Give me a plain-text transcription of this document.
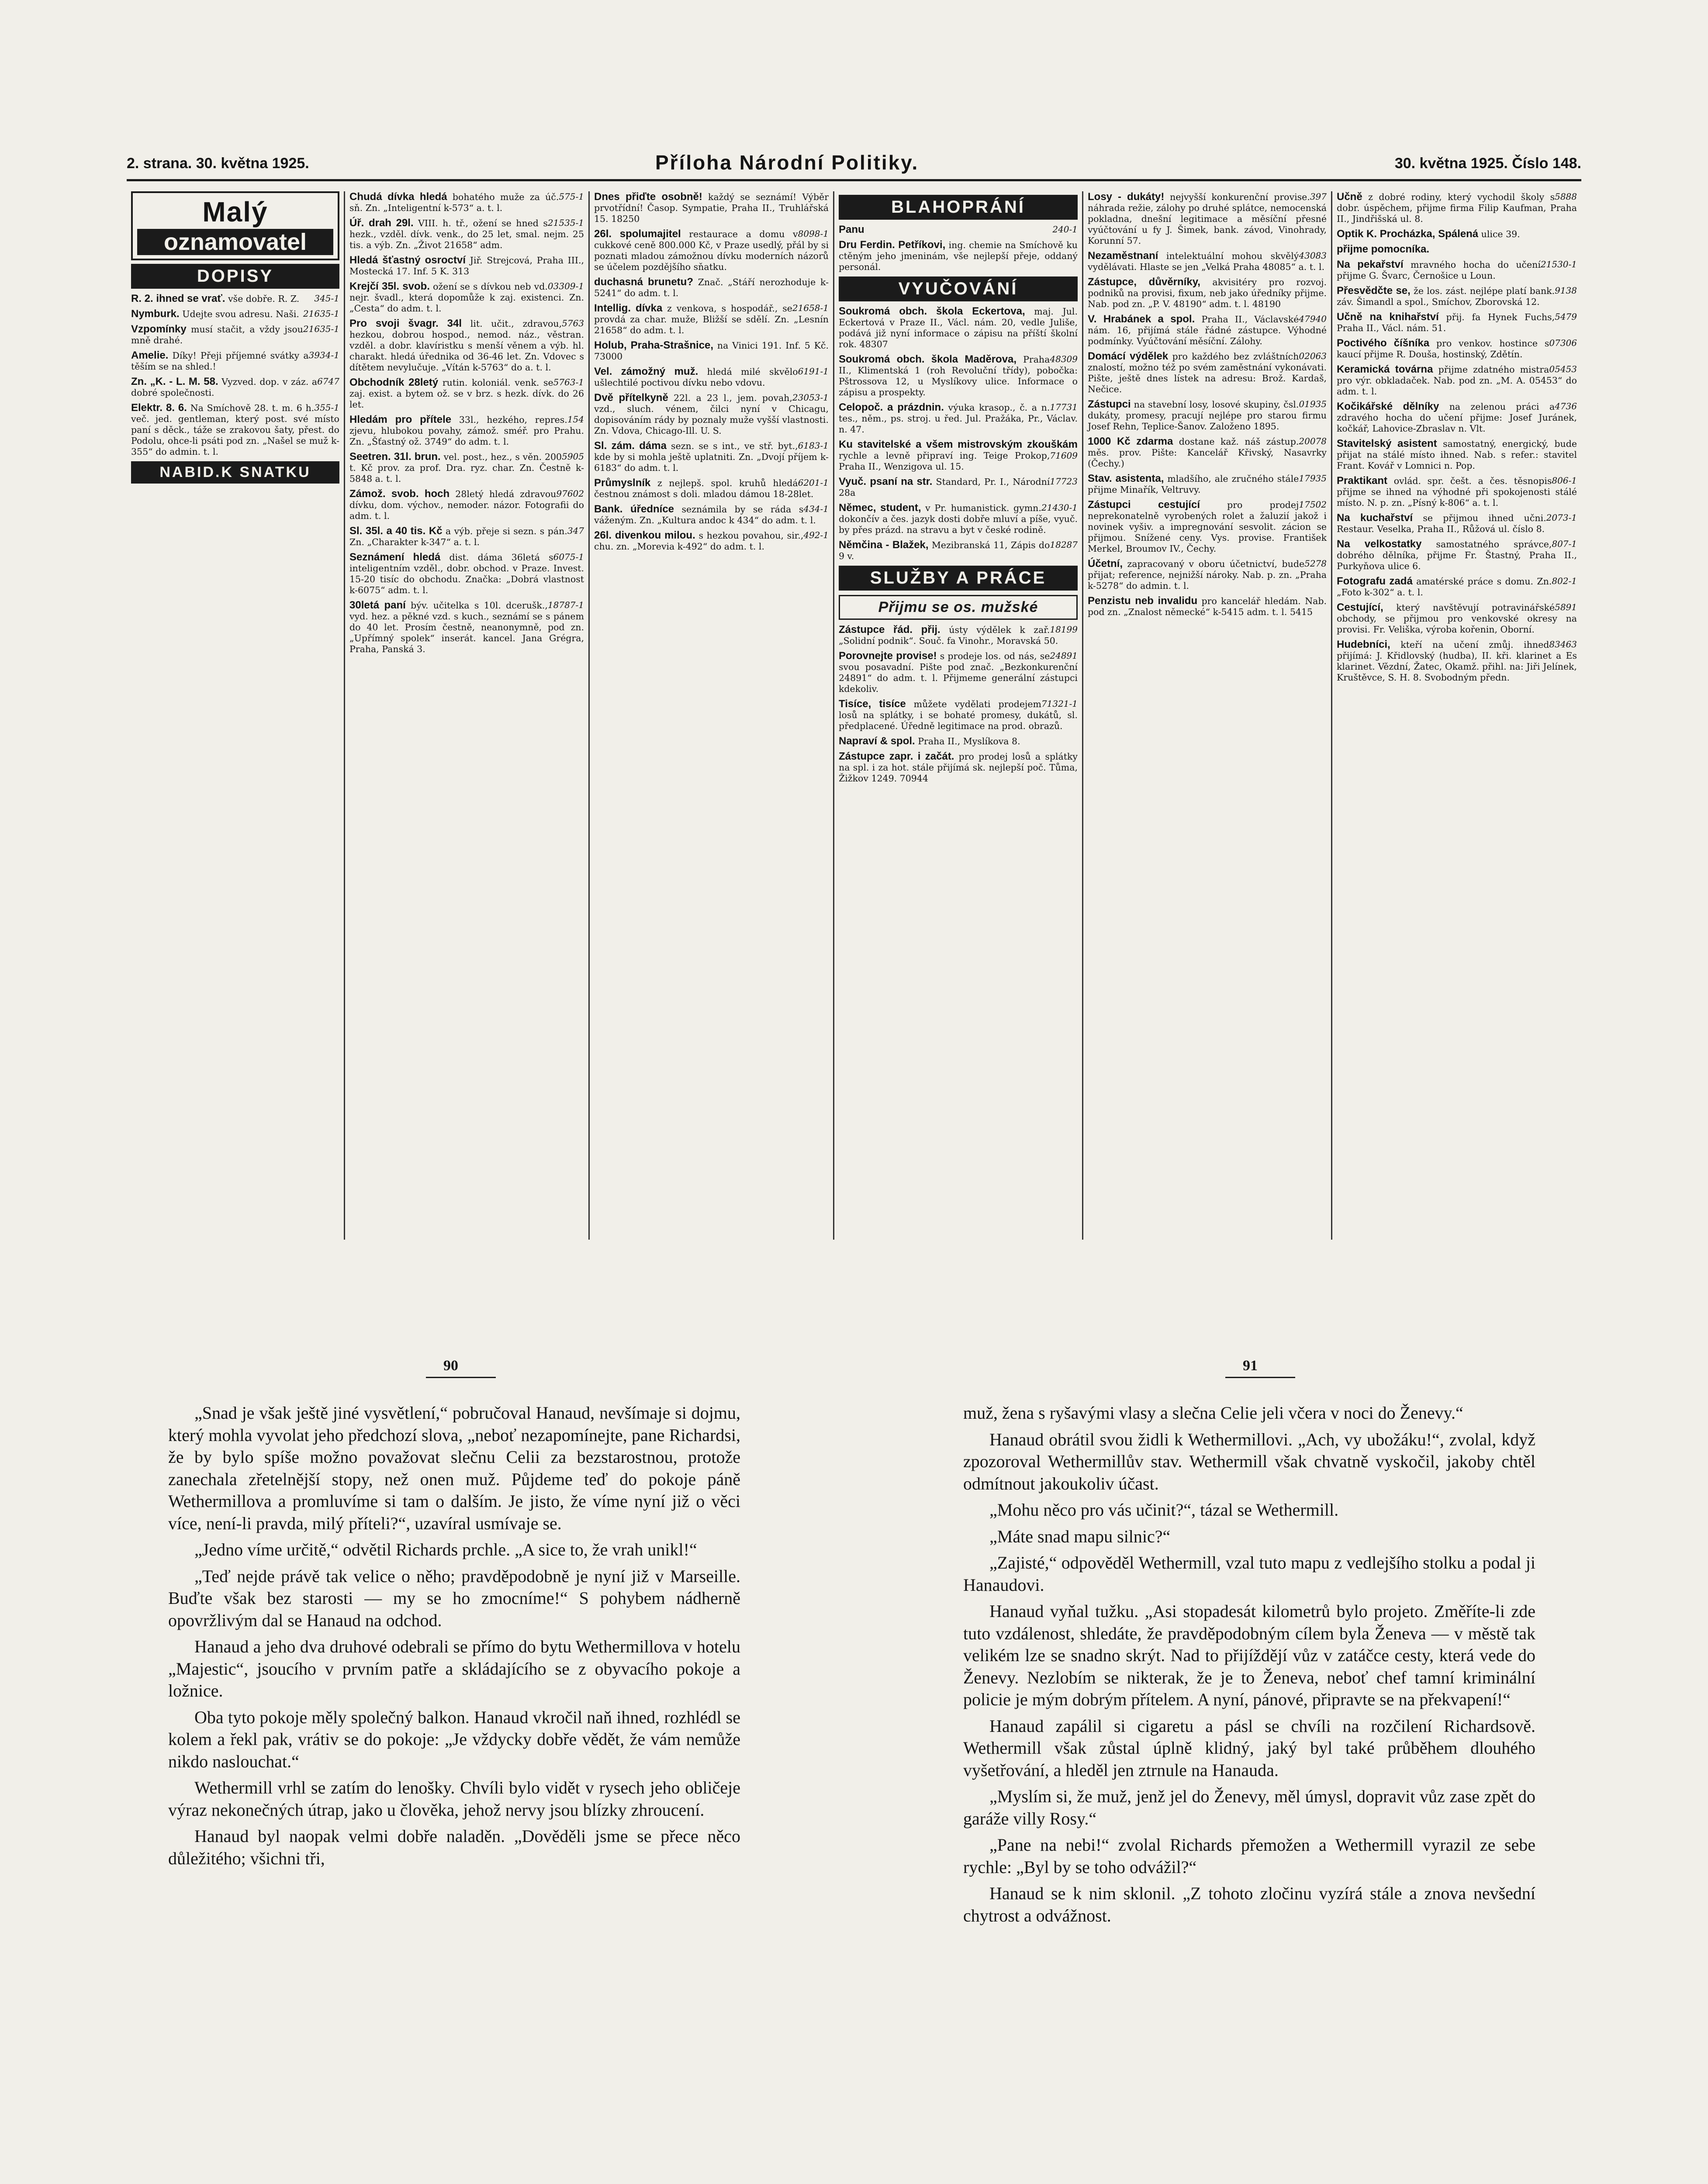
2. strana. 30. května 1925.	Příloha Národní Politiky.	30. května 1925. Číslo 148.
Malý
oznamovatel
DOPISY

R. 2. ihned se vrať.	345-1
vše dobře. R. Z.

Nymburk.	21635-1
Udejte svou adresu. Naši.

Vzpomínky	21635-1
musí stačit, a vždy jsou mně drahé.

Amelie.	3934-1
Díky! Přeji příjemné svátky a těším se na shled.!

Zn. „K. - L. M. 58.	6747
Vyzved. dop. v záz. a dobré společnosti.

Elektr. 8. 6.	355-1
Na Smíchově 28. t. m. 6 h. več. jed. gentleman, který post. své místo paní s děck., táže se zrakovou šaty, přest. do Podolu, ohce-li psáti pod zn. „Našel se muž k-355“ do admin. t. l.

NABID.K SNATKU

Chudá dívka hledá	575-1
bohatého muže za úč. sň. Zn. „Inteligentní k-573“ a. t. l.

Úř. drah 29l.	21535-1
VIII. h. tř., ožení se hned s hezk., vzděl. dívk. venk., do 25 let, smal. nejm. 25 tis. a výb. Zn. „Život 21658“ adm.

Hledá šťastný osroctví Jiř. Strejcová, Praha III., Mostecká 17. Inf. 5 K. 313

Krejčí 35l. svob.	03309-1
ožení se s dívkou neb vd. nejr. švadl., která dopomůže k zaj. existenci. Zn. „Cesta“ do adm. t. l.

Pro svoji švagr. 34l	5763
lit. učit., zdravou, hezkou, dobrou hospod., nemod. náz., věstran. vzděl. a dobr. klavíristku s menší věnem a výb. hl. charakt. hledá úřednika od 36-46 let. Zn. Vdovec s dítětem nevylučuje. „Vítán k-5763“ do a. t. l.

Obchodník 28letý	5763-1
rutin. koloniál. venk. se zaj. exist. a bytem ož. se v brz. s hezk. dívk. do 26 let.

Hledám pro přítele	154
33l., hezkého, repres. zjevu, hlubokou povahy, zámož. sméř. pro Prahu. Zn. „Šťastný ož. 3749“ do adm. t. l.

Seetren. 31l. brun.	5905
vel. post., hez., s věn. 200 t. Kč prov. za prof. Dra. ryz. char. Zn. Čestně k-5848 a. t. l.

Zámož. svob. hoch	97602
28letý hledá zdravou dívku, dom. výchov., nemoder. názor. Fotografii do adm. t. l.

Sl. 35l. a 40 tis. Kč	347
a výb. přeje si sezn. s pán. Zn. „Charakter k-347“ a. t. l.

Seznámení hledá	6075-1
dist. dáma 36letá s inteligentním vzděl., dobr. obchod. v Praze. Invest. 15-20 tisíc do obchodu. Značka: „Dobrá vlastnost k-6075“ adm. t. l.

30letá paní	18787-1
býv. učitelka s 10l. dcerušk., vyd. hez. a pěkné vzd. s kuch., seznámí se s pánem do 40 let. Prosím čestně, neanonymně, pod zn. „Upřímný spolek“ inserát. kancel. Jana Grégra, Praha, Panská 3.

Dnes přiďte osobně! každý se seznámí! Výběr prvotřídní! Časop. Sympatie, Praha II., Truhlářská 15. 18250

26l. spolumajitel	8098-1
restaurace a domu v cukkové ceně 800.000 Kč, v Praze usedlý, přál by si poznati mladou zámožnou dívku moderních názorů se účelem pozdějšího sňatku.

duchasná brunetu? Znač. „Stáří nerozhoduje k-5241“ do adm. t. l.

Intellig. dívka	21658-1
z venkova, s hospodář., se provdá za char. muže, Bližší se sdělí. Zn. „Lesnín 21658“ do adm. t. l.

Holub, Praha-Strašnice, na Vinici 191. Inf. 5 Kč. 73000

Vel. zámožný muž.	6191-1
hledá milé skvělo ušlechtilé poctivou dívku nebo vdovu.

Dvě přítelkyně	23053-1
22l. a 23 l., jem. povah, vzd., sluch. vénem, čilci nyní v Chicagu, dopisováním rády by poznaly muže vyšší vlastnosti. Zn. Vdova, Chicago-Ill. U. S.

Sl. zám. dáma	6183-1
sezn. se s int., ve stř. byt., kde by si mohla ještě uplatniti. Zn. „Dvojí příjem k-6183“ do adm. t. l.

Průmyslník	6201-1
z nejlepš. spol. kruhů hledá čestnou známost s doli. mladou dámou 18-28let.

Bank. úředníce	434-1
seznámila by se ráda s váženým. Zn. „Kultura andoc k 434“ do adm. t. l.

26l. divenkou milou.	492-1
s hezkou povahou, sir., chu. zn. „Morevia k-492“ do adm. t. l.

BLAHOPRÁNÍ

Panu	240-1

Dru Ferdin. Petříkovi, ing. chemie na Smíchově ku ctěným jeho jmeninám, vše nejlepší přeje, oddaný personál.

VYUČOVÁNÍ

Soukromá obch. škola Eckertova, maj. Jul. Eckertová v Praze II., Václ. nám. 20, vedle Juliše, podává již nyní informace o zápisu na příští školní rok. 48307

Soukromá obch. škola Maděrova,	48309
Praha II., Klimentská 1 (roh Revoluční třídy), pobočka: Pštrossova 12, u Myslíkovy ulice. Informace o zápisu a prospekty.

Celopoč. a prázdnin.	17731
výuka krasop., č. a n. tes., něm., ps. stroj. u řed. Jul. Pražáka, Pr., Václav. n. 47.

Ku stavitelské a všem mistrovským zkouškám
71609
rychle a levně připraví ing. Teige Prokop, Praha II., Wenzigova ul. 15.

Vyuč. psaní na str.	17723
Standard, Pr. I., Národní 28a

Němec, student,	21430-1
v Pr. humanistick. gymn. dokončív a čes. jazyk dosti dobře mluví a píše, vyuč. by přes prázd. na stravu a byt v české rodině.

Němčina - Blažek,	18287
Mezibranská 11, Zápis do 9 v.

SLUŽBY A PRÁCE
Přijmu se os. mužské

Zástupce řád. přij.	18199
ústy výdělek k zař. „Solidní podnik“. Souč. fa Vinohr., Moravská 50.

Porovnejte provise!	24891
s prodeje los. od nás, se svou posavadní. Pište pod znač. „Bezkonkurenční 24891“ do adm. t. l. Přijmeme generální zástupci kdekoliv.

Tisíce, tisíce	71321-1
můžete vydělati prodejem losů na splátky, i se bohaté promesy, dukátů, sl. předplacené. Úředně legitimace na prod. obrazů.

Napraví & spol. Praha II., Myslíkova 8.

Zástupce zapr. i začát. pro prodej losů a splátky na spl. i za hot. stále přijímá sk. nejlepší poč. Tůma, Žižkov 1249. 70944

Losy - dukáty!	397
nejvyšší konkurenční provise. náhrada režie, zálohy po druhé splátce, nemocenská pokladna, dnešní legitimace a měsíční přesné vyúčtování u fy J. Šimek, bank. závod, Vinohrady, Korunní 57.

Nezaměstnaní	43083
intelektuální mohou skvělý vydělávati. Hlaste se jen „Velká Praha 48085“ a. t. l.

Zástupce, důvěrníky, akvisitéry pro rozvoj. podniků na provisi, fixum, neb jako úředníky přijme. Nab. pod zn. „P. V. 48190“ adm. t. l. 48190

V. Hrabánek a spol.	47940
Praha II., Václavské nám. 16, přijímá stále řádné zástupce. Výhodné podmínky. Vyúčtování měsíční. Zálohy.

Domácí výdělek	02063
pro každého bez zvláštních znalostí, možno též po svém zaměstnání vykonávati. Pište, ještě dnes lístek na adresu: Brož. Kardaš, Nečice.

Zástupci	01935
na stavební losy, losové skupiny, čsl. dukáty, promesy, pracují nejlépe pro starou firmu Josef Rehn, Teplice-Šanov. Založeno 1895.

1000 Kč zdarma	20078
dostane kaž. náš zástup. měs. prov. Pište: Kancelář Křivský, Nasavrky (Čechy.)

Stav. asistenta,	17935
mladšího, ale zručného stále přijme Minařík, Veltruvy.

Zástupci cestující	17502
pro prodej neprekonatelně vyrobených rolet a žaluzií jakož i novinek vyšiv. a impregnování sesvolit. zácion se přijmou. Snížené ceny. Vys. provise. František Merkel, Broumov IV., Čechy.

Účetní,	5278
zapracovaný v oboru účetnictví, bude přijat; reference, nejnižší nároky. Nab. p. zn. „Praha k-5278“ do admin. t. l.

Penzistu neb invalidu pro kancelář hledám. Nab. pod zn. „Znalost německé“ k-5415 adm. t. l. 5415

Učně	5888
z dobré rodiny, který vychodil školy s dobr. úspěchem, přijme firma Filip Kaufman, Praha II., Jindřišská ul. 8.

Optik K. Procházka, Spálená ulice 39.

přijme pomocníka.

Na pekařství	21530-1
mravného hocha do učení přijme G. Švarc, Černošice u Loun.

Přesvědčte se,	9138
že los. zást. nejlépe platí bank. záv. Šimandl a spol., Smíchov, Zborovská 12.

Učně na knihařství	5479
přij. fa Hynek Fuchs, Praha II., Václ. nám. 51.

Poctivého číšníka	07306
pro venkov. hostince s kaucí přijme R. Douša, hostinský, Zdětín.

Keramická továrna	05453
přijme zdatného mistra pro výr. obkladaček. Nab. pod zn. „M. A. 05453“ do adm. t. l.

Kočikářské dělníky	4736
na zelenou práci a zdravého hocha do učení přijme: Josef Juránek, kočkář, Lahovice-Zbraslav n. Vlt.

Stavitelský asistent samostatný, energický, bude přijat na stálé místo ihned. Nab. s refer.: stavitel Frant. Kovář v Lomnici n. Pop.

Praktikant	806-1
ovlád. spr. češt. a čes. těsnopis přijme se ihned na výhodné při spokojenosti stálé místo. N. p. zn. „Písný k-806“ a. t. l.

Na kuchařství	2073-1
se přijmou ihned učni. Restaur. Veselka, Praha II., Růžová ul. číslo 8.

Na velkostatky	807-1
samostatného správce, dobrého dělníka, přijme Fr. Štastný, Praha II., Purkyňova ulice 6.

Fotografu zadá	802-1
amatérské práce s domu. Zn. „Foto k-302“ a. t. l.

Cestující,	5891
který navštěvují potravinářské obchody, se přijmou pro venkovské okresy na provisi. Fr. Veliška, výroba kořenin, Oborní.

Hudebníci,	83463
kteří na učení zmůj. ihned přijímá: J. Křidlovský (hudba), II. kři. klarinet a Es klarinet. Vězdní, Žatec, Okamž. přihl. na: Jiři Jelínek, Kruštěvce, S. H. 8. Svobodným předn.

90	91

„Snad je však ještě jiné vysvětlení,“ pobručoval Hanaud, nevšímaje si dojmu, který mohla vyvolat jeho předchozí slova, „neboť nezapomínejte, pane Richardsi, že by bylo spíše možno považovat slečnu Celii za bezstarostnou, protože zanechala zřetelnější stopy, než onen muž. Půjdeme teď do pokoje páně Wethermillova a promluvíme si tam o dalším. Je jisto, že víme nyní již o věci více, není-li pravda, milý příteli?“, uzavíral usmívaje se.

„Jedno víme určitě,“ odvětil Richards prchle. „A sice to, že vrah unikl!“

„Teď nejde právě tak velice o něho; pravděpodobně je nyní již v Marseille. Buďte však bez starosti — my se ho zmocníme!“ S pohybem nádherně opovržlivým dal se Hanaud na odchod.

Hanaud a jeho dva druhové odebrali se přímo do bytu Wethermillova v hotelu „Majestic“, jsoucího v prvním patře a skládajícího se z obyvacího pokoje a ložnice.

Oba tyto pokoje měly společný balkon. Hanaud vkročil naň ihned, rozhlédl se kolem a řekl pak, vrátiv se do pokoje: „Je vždycky dobře vědět, že vám nemůže nikdo naslouchat.“

Wethermill vrhl se zatím do lenošky. Chvíli bylo vidět v rysech jeho obličeje výraz nekonečných útrap, jako u člověka, jehož nervy jsou blízky zhroucení.

Hanaud byl naopak velmi dobře naladěn. „Dověděli jsme se přece něco důležitého; všichni tři,

muž, žena s ryšavými vlasy a slečna Celie jeli včera v noci do Ženevy.“

Hanaud obrátil svou židli k Wethermillovi. „Ach, vy ubožáku!“, zvolal, když zpozoroval Wethermillův stav. Wethermill však chvatně vyskočil, jakoby chtěl odmítnout jakoukoliv účast.

„Mohu něco pro vás učinit?“, tázal se Wethermill.

„Máte snad mapu silnic?“

„Zajisté,“ odpověděl Wethermill, vzal tuto mapu z vedlejšího stolku a podal ji Hanaudovi.

Hanaud vyňal tužku. „Asi stopadesát kilometrů bylo projeto. Změříte-li zde tuto vzdálenost, shledáte, že pravděpodobným cílem byla Ženeva — v městě tak velikém lze se snadno skrýt. Nad to přijíždějí vůz v zatáčce cesty, která vede do Ženevy. Nezlobím se nikterak, že je to Ženeva, neboť chef tamní kriminální policie je mým dobrým přítelem. A nyní, pánové, připravte se na překvapení!“

Hanaud zapálil si cigaretu a pásl se chvíli na rozčilení Richardsově. Wethermill však zůstal úplně klidný, jaký byl také průběhem dlouhého vyšetřování, a hleděl jen ztrnule na Hanauda.

„Myslím si, že muž, jenž jel do Ženevy, měl úmysl, dopravit vůz zase zpět do garáže villy Rosy.“

„Pane na nebi!“ zvolal Richards přemožen a Wethermill vyrazil ze sebe rychle: „Byl by se toho odvážil?“

Hanaud se k nim sklonil. „Z tohoto zločinu vyzírá stále a znova nevšední chytrost a odvážnost.
